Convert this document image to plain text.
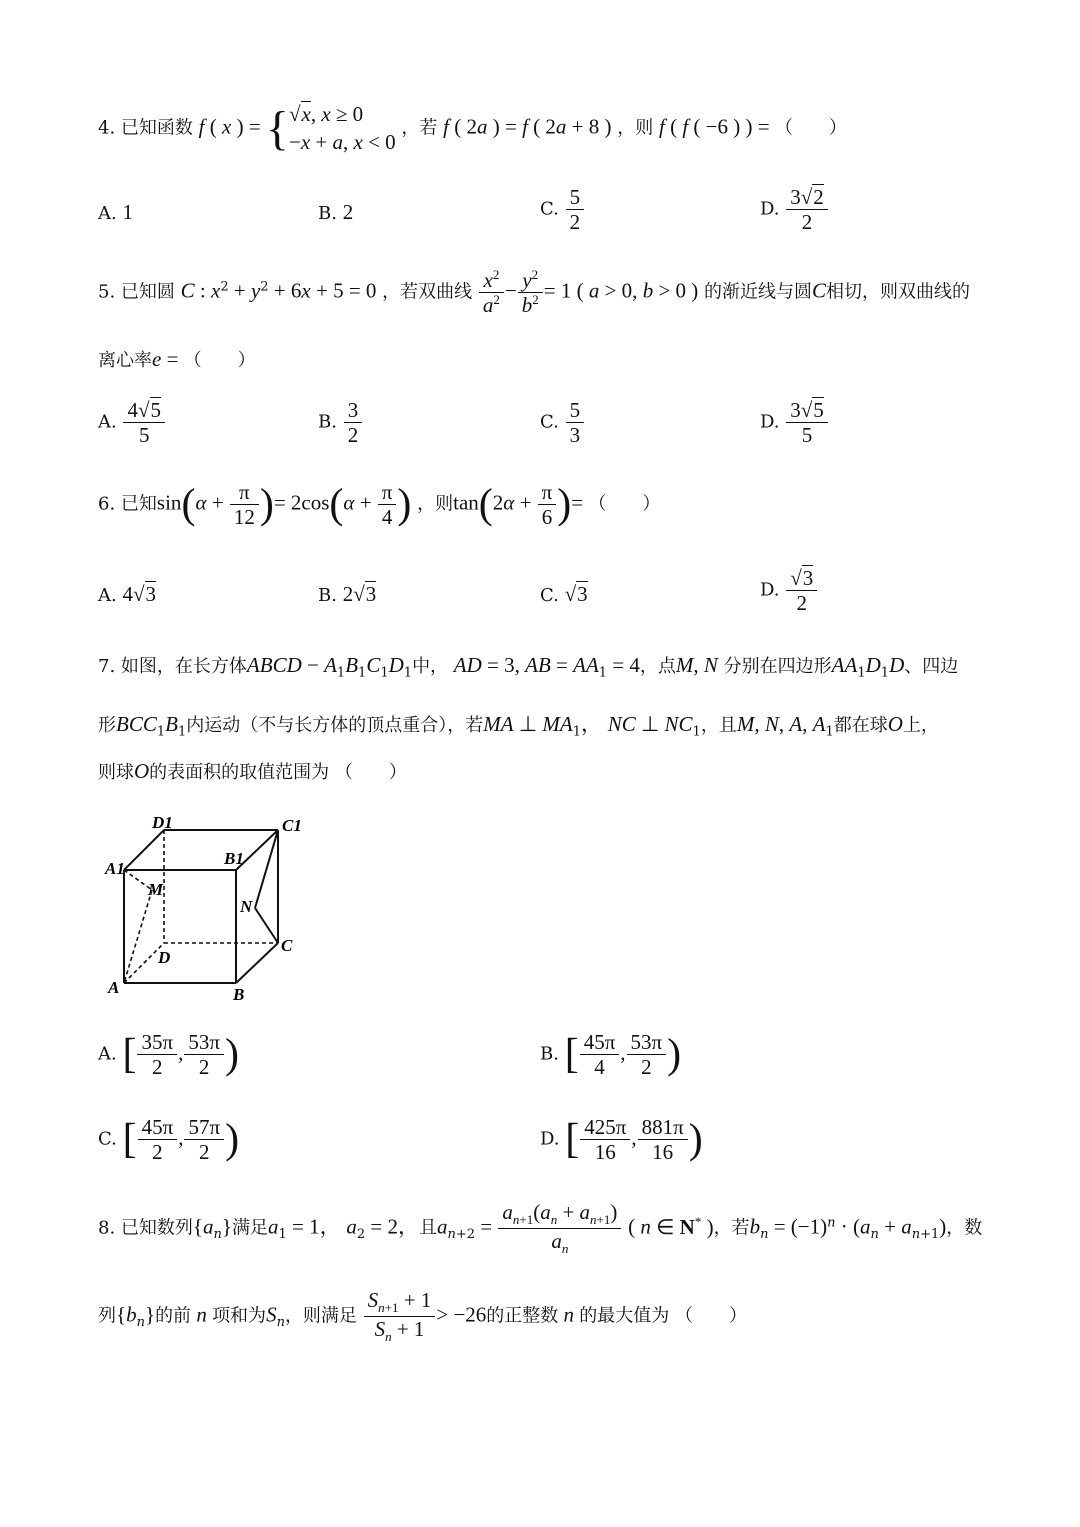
4. 已知函数 f ( x ) = { √x, x ≥ 0
−x + a, x < 0
，若 f ( 2a ) = f ( 2a + 8 ) ，则 f ( f ( −6 ) ) = （　　）
A. 1	B. 2	C. $\frac{5}{2}$	D. $\frac{3√2}{2}$
5. 已知圆 C : $x^2 + y^2 + 6x + 5 = 0$ ，若双曲线 $\frac{x^2}{a^2} - \frac{y^2}{b^2} = 1$ ( a > 0, b > 0 ) 的渐近线与圆C相切，则双曲线的
离心率e = （　　）
A. $\frac{4√5}{5}$	B. $\frac{3}{2}$	C. $\frac{5}{3}$	D. $\frac{3√5}{5}$
6. 已知$\sin(\alpha + \frac{\pi}{12}$ )= $2\cos(\alpha + \frac{\pi}{4}$ ) ，则$\tan(2\alpha + \frac{\pi}{6}$ )= （　　）
A. 4√3	B. 2√3	C. √3	D. $\frac{√3}{2}$
7. 如图，在长方体ABCD − $A_1B_1C_1D_1$中， AD = 3, AB = $AA_1 = 4$，点M, N 分别在四边形$AA_1D_1D$、四边
形$BCC_1B_1$内运动（不与长方体的顶点重合），若MA ⊥ $MA_1$， NC ⊥ $NC_1$，且M, N, A, $A_1$都在球O上，
则球O的表面积的取值范围为 （　　）
D1	C1
A1
B1
M
N
D
C
A	B
A. [ $\frac{35\pi}{2}$ , $\frac{53\pi}{2}$ )	B. [ $\frac{45\pi}{4}$ , $\frac{53\pi}{2}$ )
C. [ $\frac{45\pi}{2}$ , $\frac{57\pi}{2}$ )	D. [ $\frac{425\pi}{16}$ , $\frac{881\pi}{16}$ )
8. 已知数列$\{a_n\}$满足$a_1 = 1$， $a_2 = 2$，且$a_{n+2} = \frac{a_{n+1}(a_n + a_{n+1})}{a_n}$ ( n ∈ N* )，若$b_n = (-1)^n \cdot (a_n + a_{n+1})$，数
列$\{b_n\}$的前 n 项和为$S_n$，则满足 $\frac{S_{n+1} + 1}{S_n + 1} > -26$的正整数 n 的最大值为 （　　）
